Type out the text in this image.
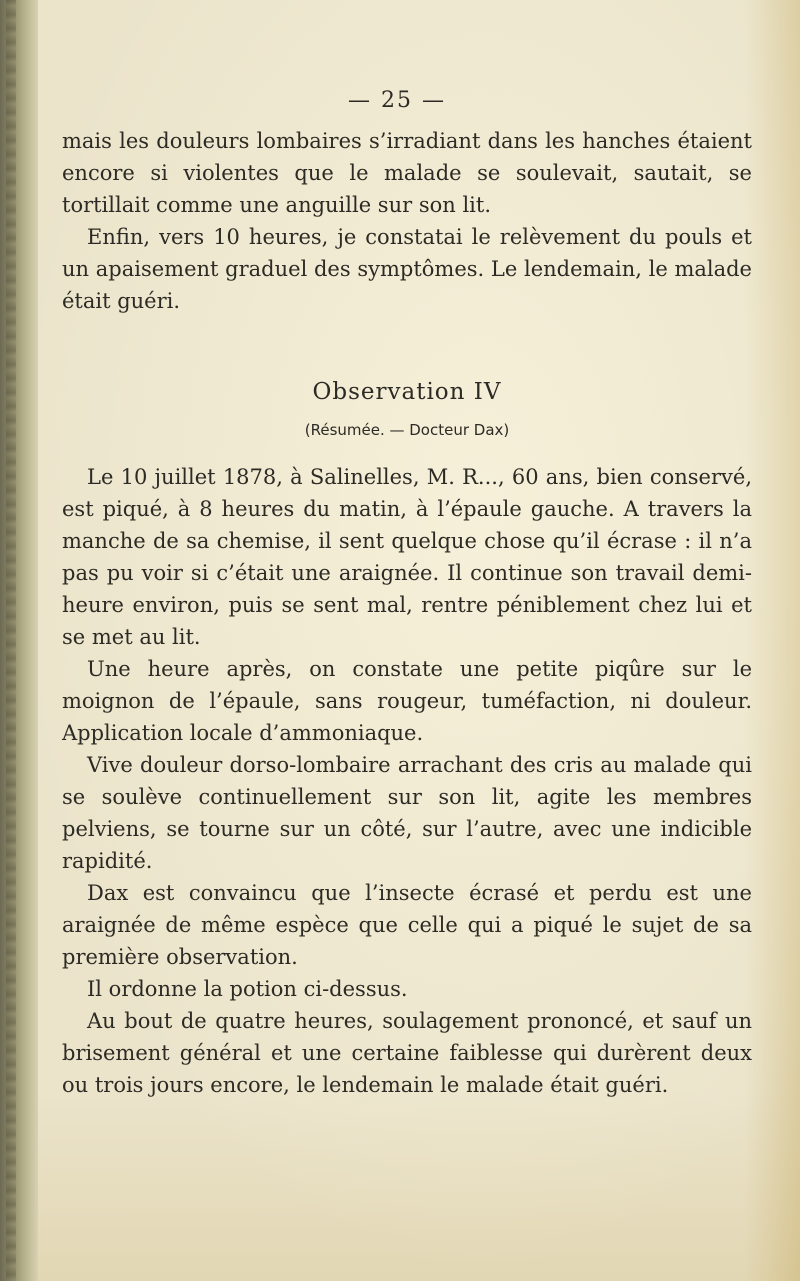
— 25 —

mais les douleurs lombaires s’irradiant dans les hanches étaient encore si violentes que le malade se soulevait, sautait, se tortillait comme une anguille sur son lit.

Enfin, vers 10 heures, je constatai le relèvement du pouls et un apaisement graduel des symptômes. Le lendemain, le malade était guéri.

Observation IV
(Résumée. — Docteur Dax)

Le 10 juillet 1878, à Salinelles, M. R..., 60 ans, bien conservé, est piqué, à 8 heures du matin, à l’épaule gauche. A travers la manche de sa chemise, il sent quelque chose qu’il écrase : il n’a pas pu voir si c’était une araignée. Il continue son travail demi-heure environ, puis se sent mal, rentre péniblement chez lui et se met au lit.

Une heure après, on constate une petite piqûre sur le moignon de l’épaule, sans rougeur, tuméfaction, ni douleur. Application locale d’ammoniaque.

Vive douleur dorso-lombaire arrachant des cris au malade qui se soulève continuellement sur son lit, agite les membres pelviens, se tourne sur un côté, sur l’autre, avec une indicible rapidité.

Dax est convaincu que l’insecte écrasé et perdu est une araignée de même espèce que celle qui a piqué le sujet de sa première observation.

Il ordonne la potion ci-dessus.

Au bout de quatre heures, soulagement prononcé, et sauf un brisement général et une certaine faiblesse qui durèrent deux ou trois jours encore, le lendemain le malade était guéri.
